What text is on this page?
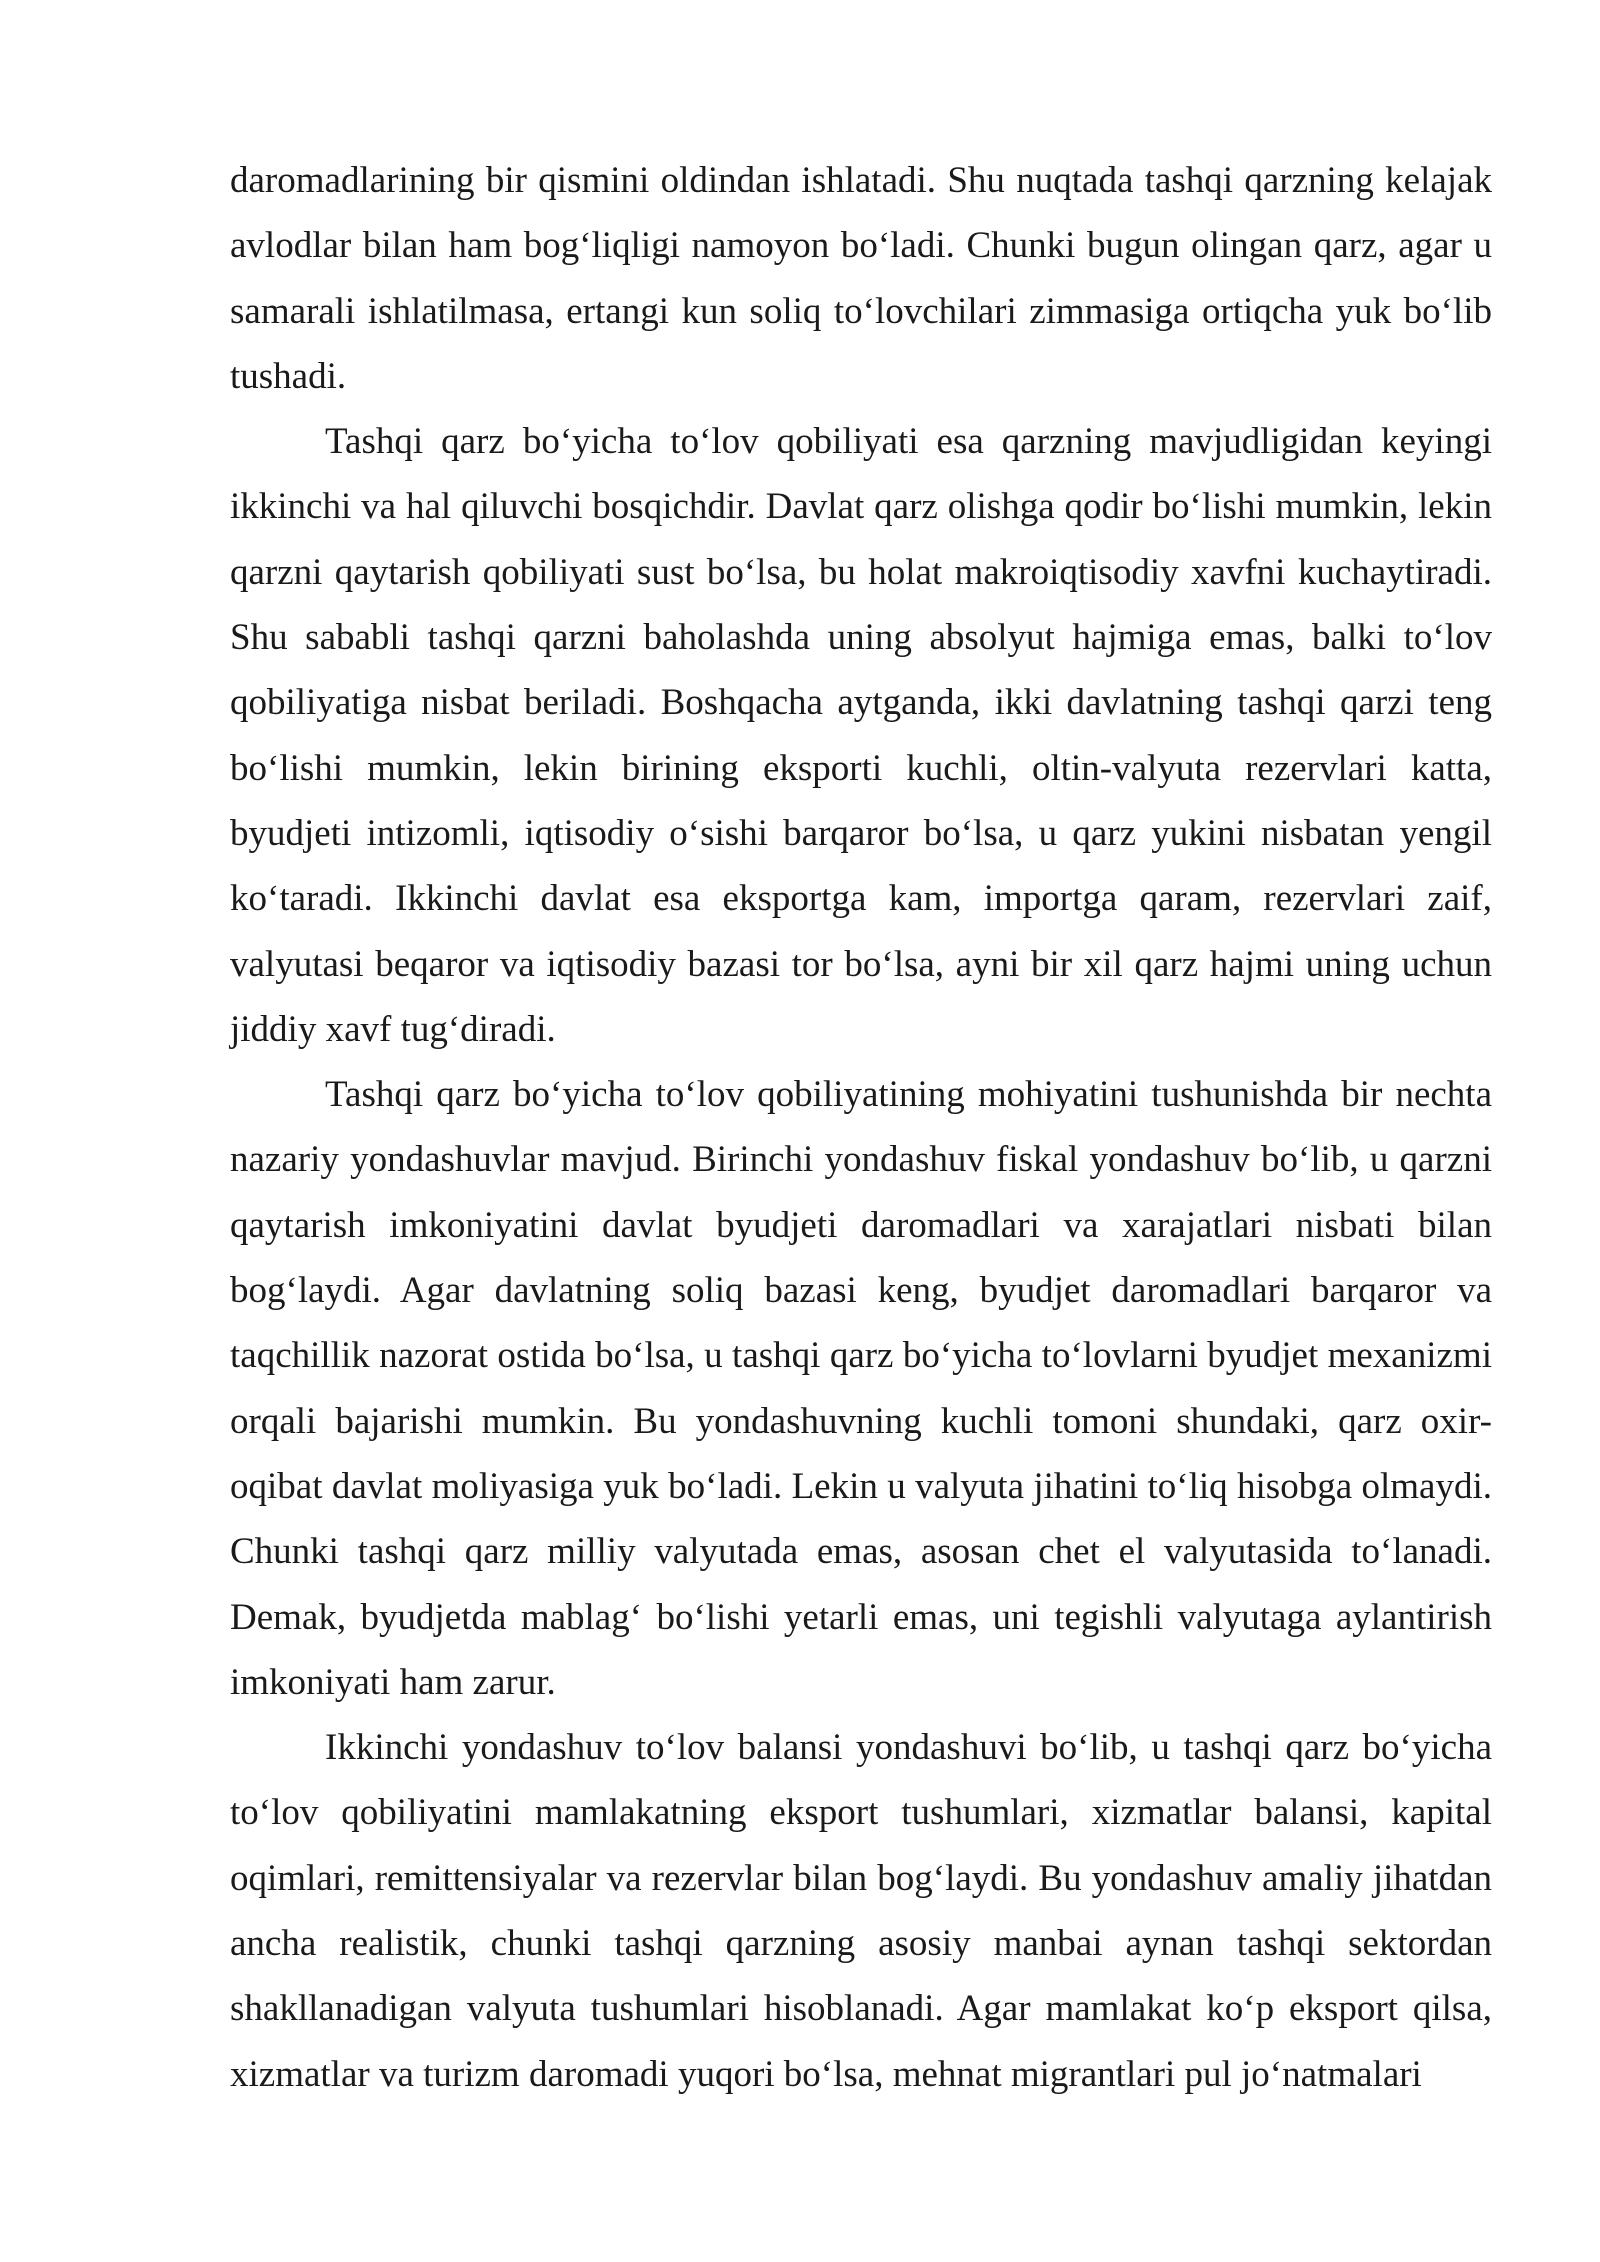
daromadlarining bir qismini oldindan ishlatadi. Shu nuqtada tashqi qarzning kelajak avlodlar bilan ham bog‘liqligi namoyon bo‘ladi. Chunki bugun olingan qarz, agar u samarali ishlatilmasa, ertangi kun soliq to‘lovchilari zimmasiga ortiqcha yuk bo‘lib tushadi.

Tashqi qarz bo‘yicha to‘lov qobiliyati esa qarzning mavjudligidan keyingi ikkinchi va hal qiluvchi bosqichdir. Davlat qarz olishga qodir bo‘lishi mumkin, lekin qarzni qaytarish qobiliyati sust bo‘lsa, bu holat makroiqtisodiy xavfni kuchaytiradi. Shu sababli tashqi qarzni baholashda uning absolyut hajmiga emas, balki to‘lov qobiliyatiga nisbat beriladi. Boshqacha aytganda, ikki davlatning tashqi qarzi teng bo‘lishi mumkin, lekin birining eksporti kuchli, oltin-valyuta rezervlari katta, byudjeti intizomli, iqtisodiy o‘sishi barqaror bo‘lsa, u qarz yukini nisbatan yengil ko‘taradi. Ikkinchi davlat esa eksportga kam, importga qaram, rezervlari zaif, valyutasi beqaror va iqtisodiy bazasi tor bo‘lsa, ayni bir xil qarz hajmi uning uchun jiddiy xavf tug‘diradi.

Tashqi qarz bo‘yicha to‘lov qobiliyatining mohiyatini tushunishda bir nechta nazariy yondashuvlar mavjud. Birinchi yondashuv fiskal yondashuv bo‘lib, u qarzni qaytarish imkoniyatini davlat byudjeti daromadlari va xarajatlari nisbati bilan bog‘laydi. Agar davlatning soliq bazasi keng, byudjet daromadlari barqaror va taqchillik nazorat ostida bo‘lsa, u tashqi qarz bo‘yicha to‘lovlarni byudjet mexanizmi orqali bajarishi mumkin. Bu yondashuvning kuchli tomoni shundaki, qarz oxir-oqibat davlat moliyasiga yuk bo‘ladi. Lekin u valyuta jihatini to‘liq hisobga olmaydi. Chunki tashqi qarz milliy valyutada emas, asosan chet el valyutasida to‘lanadi. Demak, byudjetda mablag‘ bo‘lishi yetarli emas, uni tegishli valyutaga aylantirish imkoniyati ham zarur.

Ikkinchi yondashuv to‘lov balansi yondashuvi bo‘lib, u tashqi qarz bo‘yicha to‘lov qobiliyatini mamlakatning eksport tushumlari, xizmatlar balansi, kapital oqimlari, remittensiyalar va rezervlar bilan bog‘laydi. Bu yondashuv amaliy jihatdan ancha realistik, chunki tashqi qarzning asosiy manbai aynan tashqi sektordan shakllanadigan valyuta tushumlari hisoblanadi. Agar mamlakat ko‘p eksport qilsa, xizmatlar va turizm daromadi yuqori bo‘lsa, mehnat migrantlari pul jo‘natmalari
